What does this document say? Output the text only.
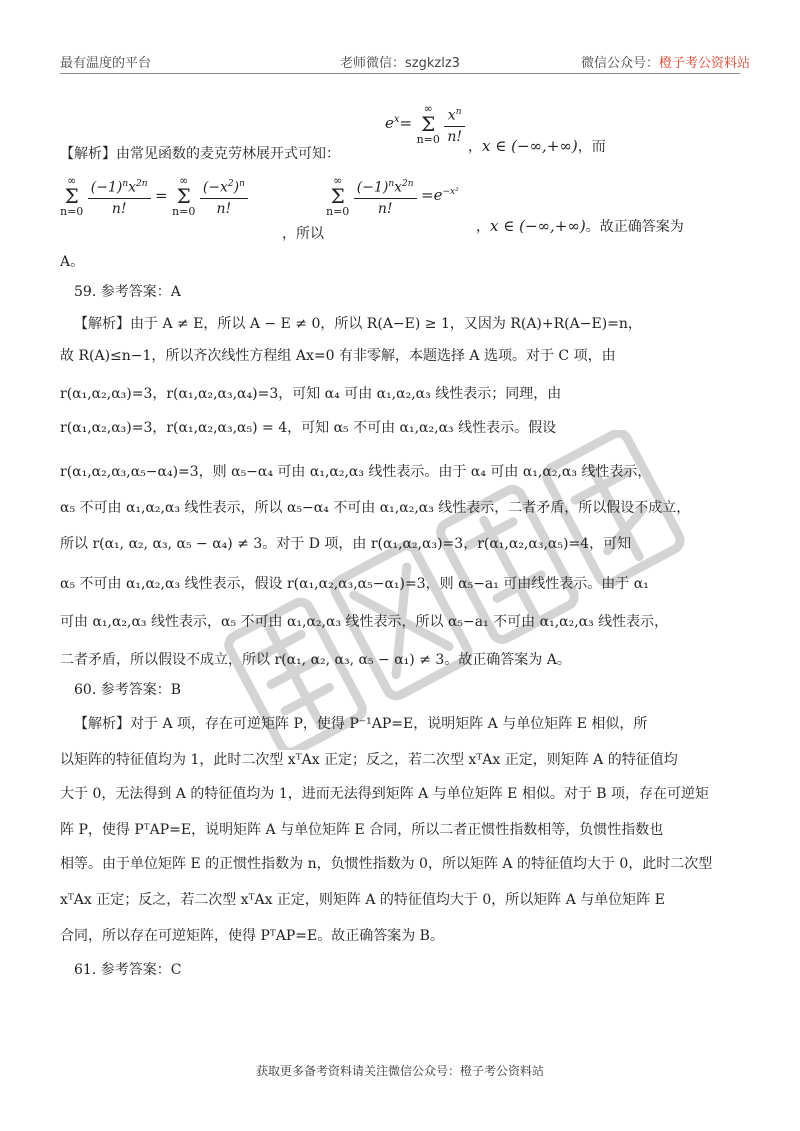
最有温度的平台	老师微信：szgkzlz3	微信公众号：橙子考公资料站
$e^x=$ ∞
Σ
$n=0 \frac{x^n}{n!}$
【解析】由常见函数的麦克劳林展开式可知：	，x ∈ (−∞,+∞)，而
∞
Σ
$n=0 \frac{(-1)^nx^{2n}}{n!}$ = ∞
Σ
$n=0 \frac{(-x^2)^n}{n!}$
，所以
∞
Σ
$n=0 \frac{(-1)^nx^{2n}}{n!} =e^{-x^2}$
，x ∈ (−∞,+∞)。故正确答案为
A。
59. 参考答案：A
【解析】由于 A ≠ E，所以 A − E ≠ 0，所以 R(A−E) ≥ 1，又因为 R(A)+R(A−E)=n，
故 R(A)≤n−1，所以齐次线性方程组 Ax=0 有非零解，本题选择 A 选项。对于 C 项，由
r(α₁,α₂,α₃)=3，r(α₁,α₂,α₃,α₄)=3，可知 α₄ 可由 α₁,α₂,α₃ 线性表示；同理，由
r(α₁,α₂,α₃)=3，r(α₁,α₂,α₃,α₅) = 4，可知 α₅ 不可由 α₁,α₂,α₃ 线性表示。假设
r(α₁,α₂,α₃,α₅−α₄)=3，则 α₅−α₄ 可由 α₁,α₂,α₃ 线性表示。由于 α₄ 可由 α₁,α₂,α₃ 线性表示，
α₅ 不可由 α₁,α₂,α₃ 线性表示，所以 α₅−α₄ 不可由 α₁,α₂,α₃ 线性表示，二者矛盾，所以假设不成立，
所以 r(α₁, α₂, α₃, α₅ − α₄) ≠ 3。对于 D 项，由 r(α₁,α₂,α₃)=3，r(α₁,α₂,α₃,α₅)=4，可知
α₅ 不可由 α₁,α₂,α₃ 线性表示，假设 r(α₁,α₂,α₃,α₅−α₁)=3，则 α₅−a₁ 可由线性表示。由于 α₁
可由 α₁,α₂,α₃ 线性表示，α₅ 不可由 α₁,α₂,α₃ 线性表示，所以 α₅−a₁ 不可由 α₁,α₂,α₃ 线性表示，
二者矛盾，所以假设不成立，所以 r(α₁, α₂, α₃, α₅ − α₁) ≠ 3。故正确答案为 A。
60. 参考答案：B
【解析】对于 A 项，存在可逆矩阵 P，使得 P⁻¹AP=E，说明矩阵 A 与单位矩阵 E 相似，所
以矩阵的特征值均为 1，此时二次型 xᵀAx 正定；反之，若二次型 xᵀAx 正定，则矩阵 A 的特征值均
大于 0，无法得到 A 的特征值均为 1，进而无法得到矩阵 A 与单位矩阵 E 相似。对于 B 项，存在可逆矩
阵 P，使得 PᵀAP=E，说明矩阵 A 与单位矩阵 E 合同，所以二者正惯性指数相等，负惯性指数也
相等。由于单位矩阵 E 的正惯性指数为 n，负惯性指数为 0，所以矩阵 A 的特征值均大于 0，此时二次型
xᵀAx 正定；反之，若二次型 xᵀAx 正定，则矩阵 A 的特征值均大于 0，所以矩阵 A 与单位矩阵 E
合同，所以存在可逆矩阵，使得 PᵀAP=E。故正确答案为 B。
61. 参考答案：C
获取更多备考资料请关注微信公众号：橙子考公资料站
